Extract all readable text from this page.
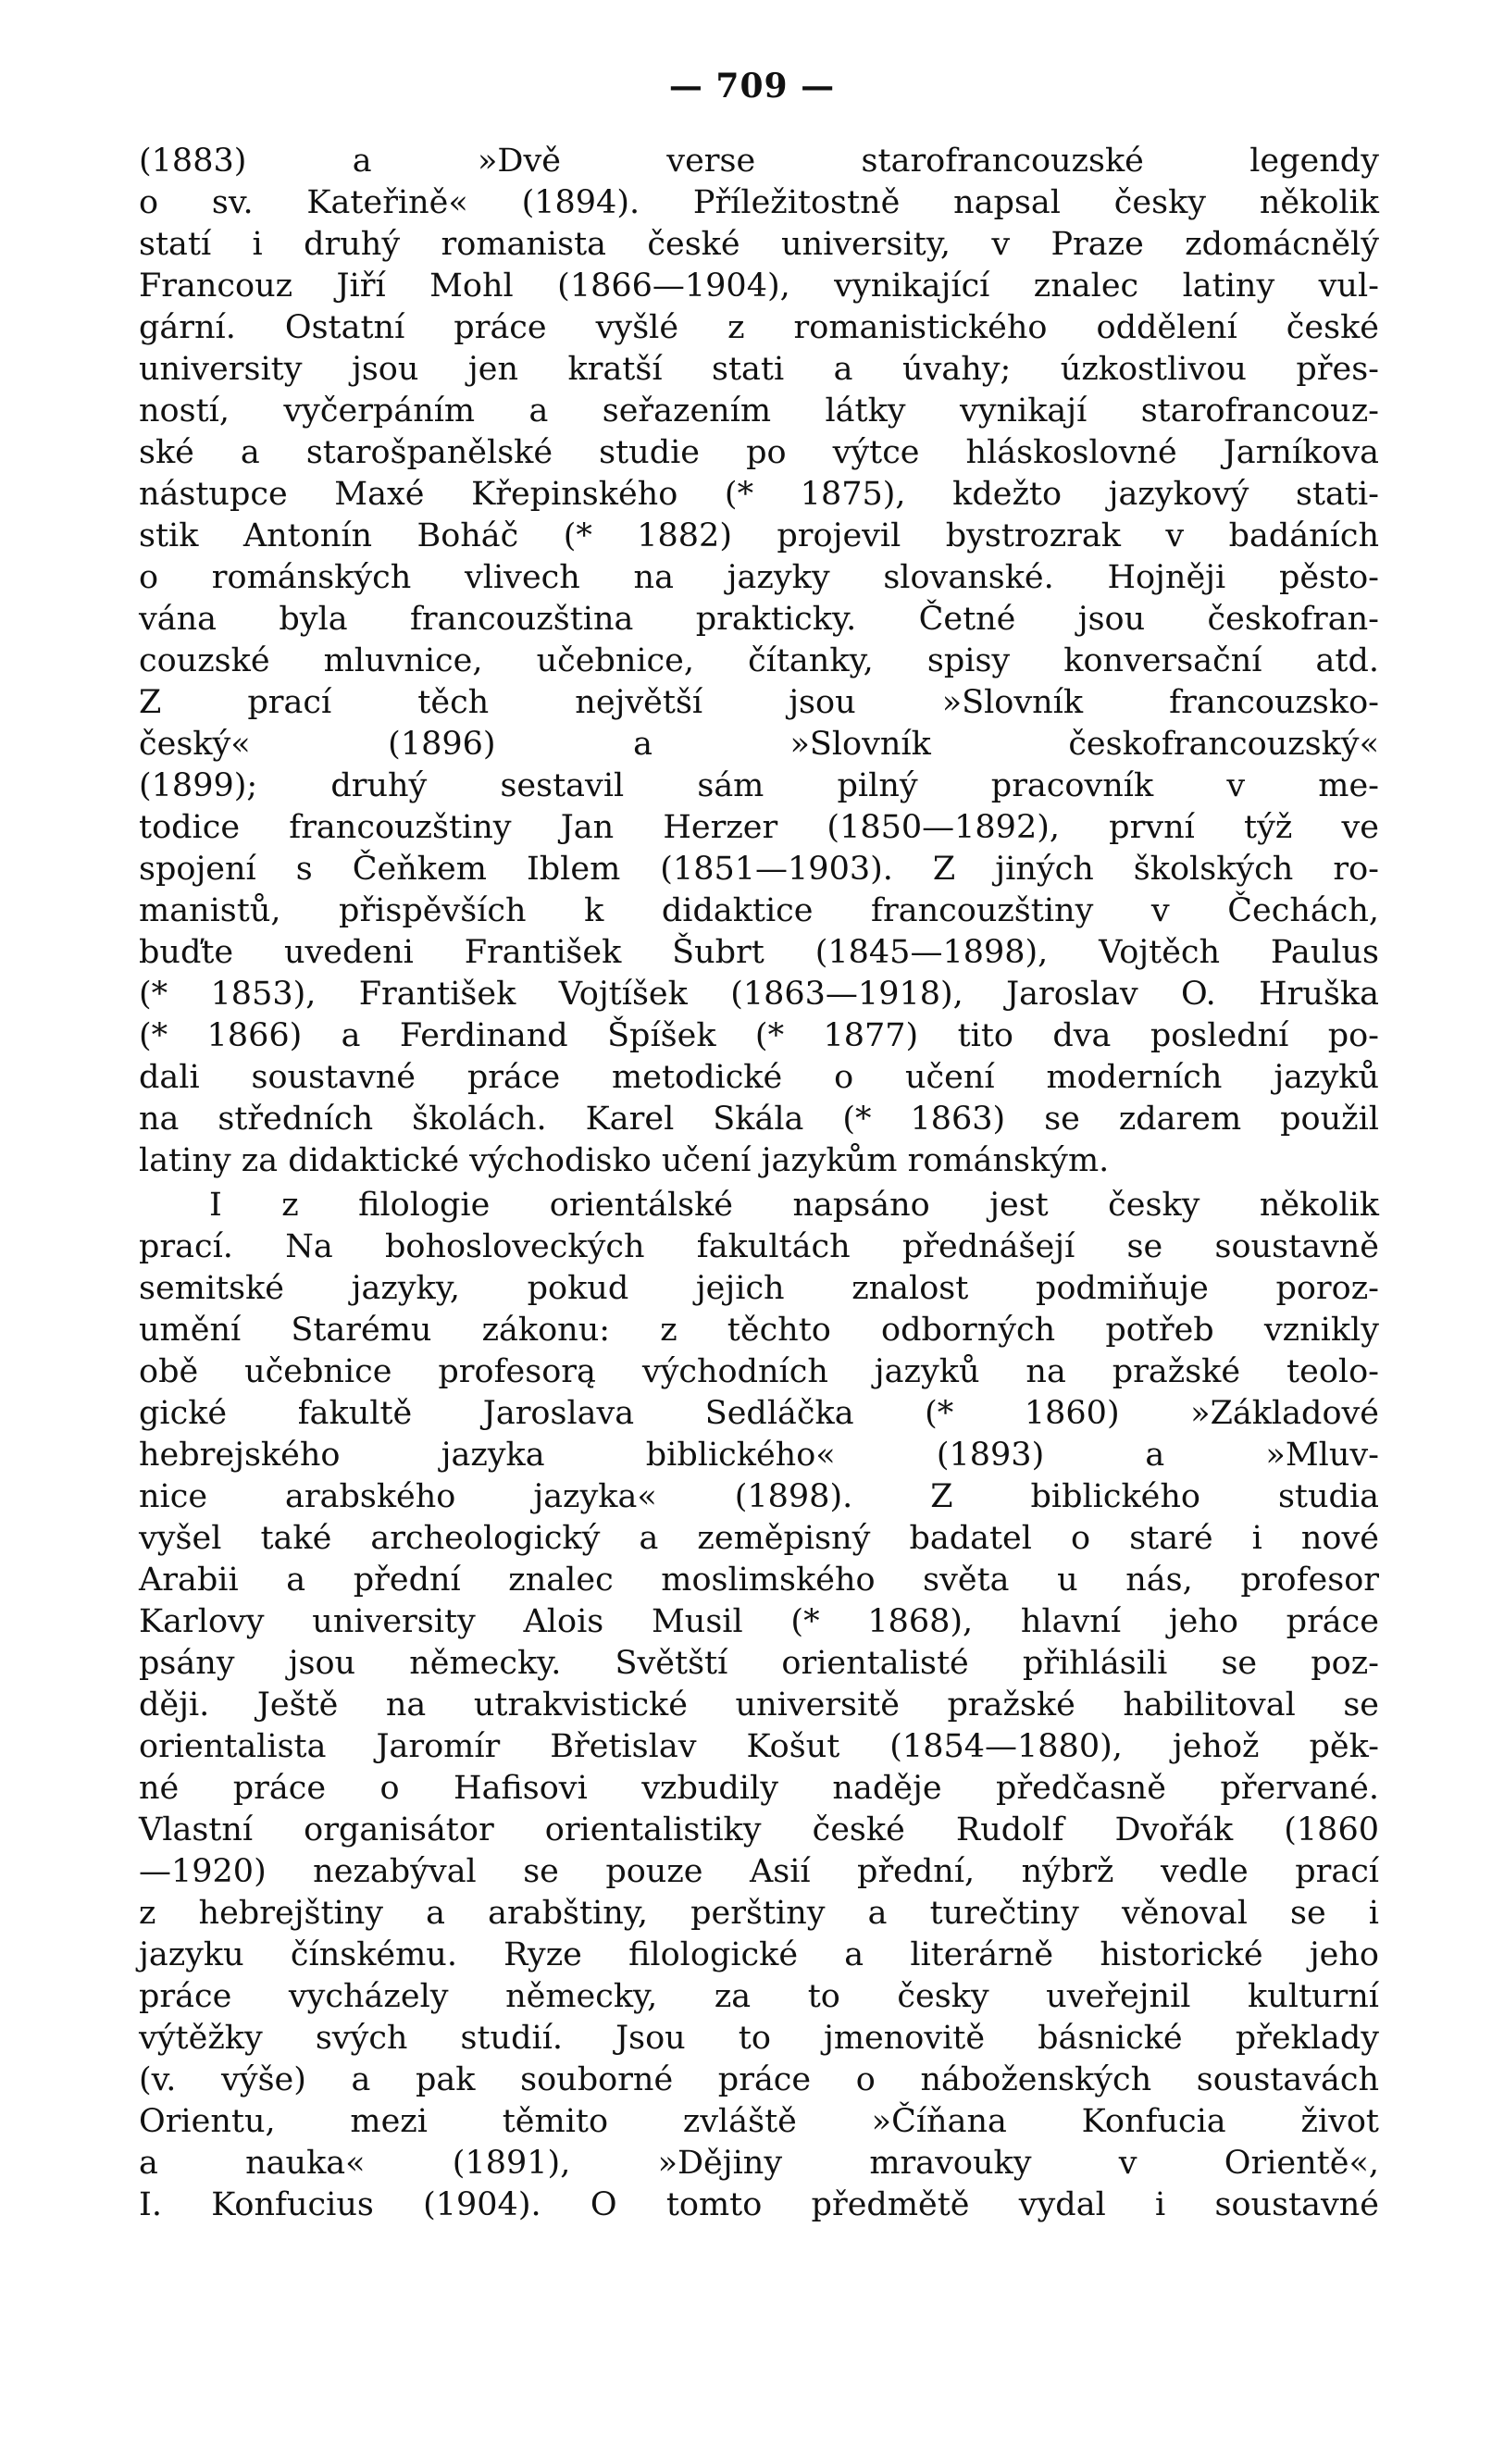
— 709 —
(1883) a »Dvě verse starofrancouzské legendy
o sv. Kateřině« (1894). Příležitostně napsal česky několik
statí i druhý romanista české university, v Praze zdomácnělý
Francouz Jiří Mohl (1866—1904), vynikající znalec latiny vul-
gární. Ostatní práce vyšlé z romanistického oddělení české
university jsou jen kratší stati a úvahy; úzkostlivou přes-
ností, vyčerpáním a seřazením látky vynikají starofrancouz-
ské a starošpanělské studie po výtce hláskoslovné Jarníkova
nástupce Maxé Křepinského (* 1875), kdežto jazykový stati-
stik Antonín Boháč (* 1882) projevil bystrozrak v badáních
o románských vlivech na jazyky slovanské. Hojněji pěsto-
vána byla francouzština prakticky. Četné jsou českofran-
couzské mluvnice, učebnice, čítanky, spisy konversační atd.
Z prací těch největší jsou »Slovník francouzsko-
český« (1896) a »Slovník českofrancouzský«
(1899); druhý sestavil sám pilný pracovník v me-
todice francouzštiny Jan Herzer (1850—1892), první týž ve
spojení s Čeňkem Iblem (1851—1903). Z jiných školských ro-
manistů, přispěvších k didaktice francouzštiny v Čechách,
buďte uvedeni František Šubrt (1845—1898), Vojtěch Paulus
(* 1853), František Vojtíšek (1863—1918), Jaroslav O. Hruška
(* 1866) a Ferdinand Špíšek (* 1877) tito dva poslední po-
dali soustavné práce metodické o učení moderních jazyků
na středních školách. Karel Skála (* 1863) se zdarem použil
latiny za didaktické východisko učení jazykům románským.
I z filologie orientálské napsáno jest česky několik
prací. Na bohosloveckých fakultách přednášejí se soustavně
semitské jazyky, pokud jejich znalost podmiňuje poroz-
umění Starému zákonu: z těchto odborných potřeb vznikly
obě učebnice profesorą východních jazyků na pražské teolo-
gické fakultě Jaroslava Sedláčka (* 1860) »Základové
hebrejského jazyka biblického« (1893) a »Mluv-
nice arabského jazyka« (1898). Z biblického studia
vyšel také archeologický a zeměpisný badatel o staré i nové
Arabii a přední znalec moslimského světa u nás, profesor
Karlovy university Alois Musil (* 1868), hlavní jeho práce
psány jsou německy. Světští orientalisté přihlásili se poz-
ději. Ještě na utrakvistické universitě pražské habilitoval se
orientalista Jaromír Břetislav Košut (1854—1880), jehož pěk-
né práce o Hafisovi vzbudily naděje předčasně přervané.
Vlastní organisátor orientalistiky české Rudolf Dvořák (1860
—1920) nezabýval se pouze Asií přední, nýbrž vedle prací
z hebrejštiny a arabštiny, perštiny a turečtiny věnoval se i
jazyku čínskému. Ryze filologické a literárně historické jeho
práce vycházely německy, za to česky uveřejnil kulturní
výtěžky svých studií. Jsou to jmenovitě básnické překlady
(v. výše) a pak souborné práce o náboženských soustavách
Orientu, mezi těmito zvláště »Číňana Konfucia život
a nauka« (1891), »Dějiny mravouky v Orientě«,
I. Konfucius (1904). O tomto předmětě vydal i soustavné
